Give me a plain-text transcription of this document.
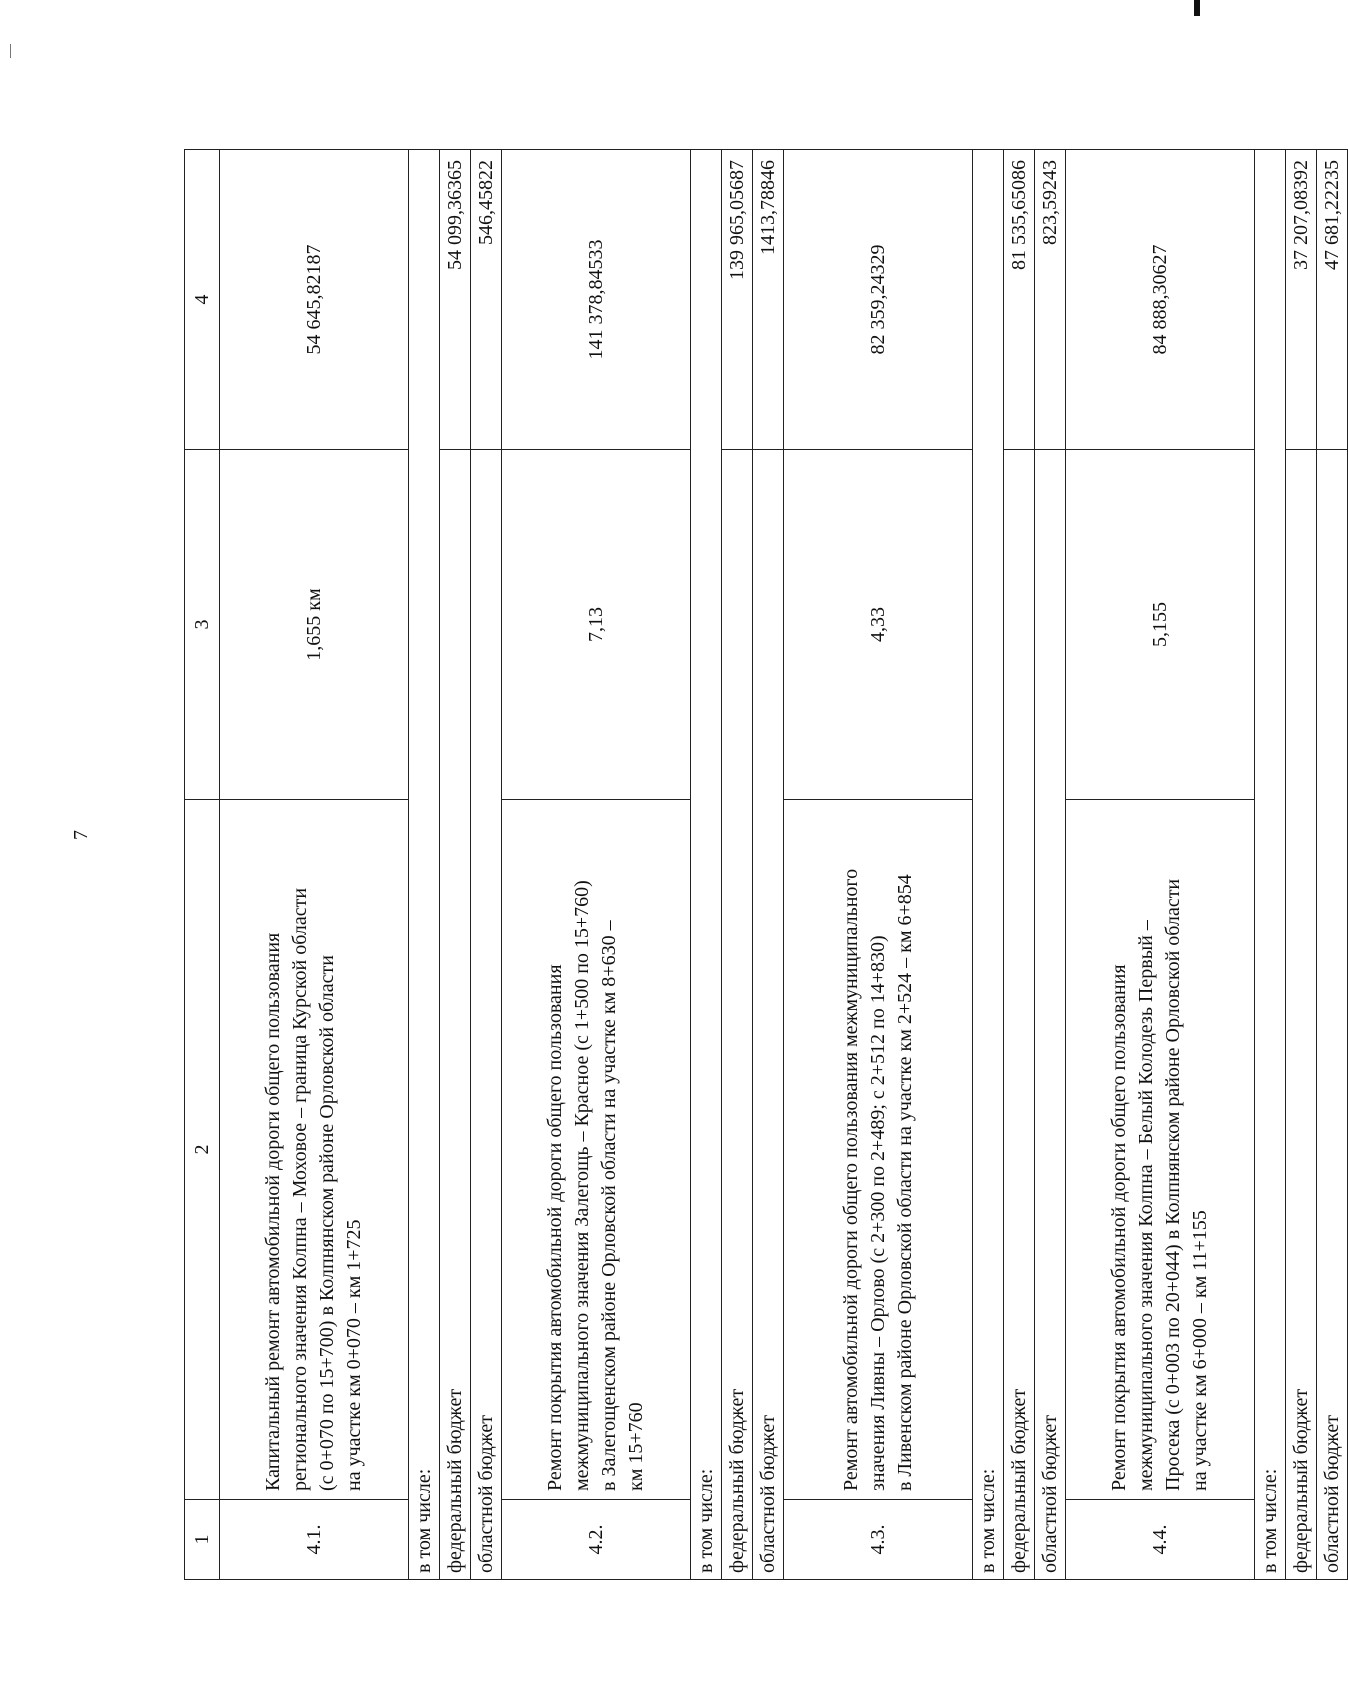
7
1	2	3	4
4.1.	Капитальный ремонт автомобильной дороги общего пользования регионального значения Колпна – Моховое – граница Курской области (с 0+070 по 15+700) в Колпнянском районе Орловской области на участке км 0+070 – км 1+725	1,655 км	54 645,82187
в том числе:			
федеральный бюджет			54 099,36365
областной бюджет			546,45822
4.2.	Ремонт покрытия автомобильной дороги общего пользования межмуниципального значения Залегощь – Красное (с 1+500 по 15+760) в Залегощенском районе Орловской области на участке км 8+630 – км 15+760	7,13	141 378,84533
в том числе:			
федеральный бюджет			139 965,05687
областной бюджет			1413,78846
4.3.	Ремонт автомобильной дороги общего пользования межмуниципального значения Ливны – Орлово (с 2+300 по 2+489; с 2+512 по 14+830) в Ливенском районе Орловской области на участке км 2+524 – км 6+854	4,33	82 359,24329
в том числе:			
федеральный бюджет			81 535,65086
областной бюджет			823,59243
4.4.	Ремонт покрытия автомобильной дороги общего пользования межмуниципального значения Колпна – Белый Колодезь Первый – Просека (с 0+003 по 20+044) в Колпнянском районе Орловской области на участке км 6+000 – км 11+155	5,155	84 888,30627
в том числе:			
федеральный бюджет			37 207,08392
областной бюджет			47 681,22235
